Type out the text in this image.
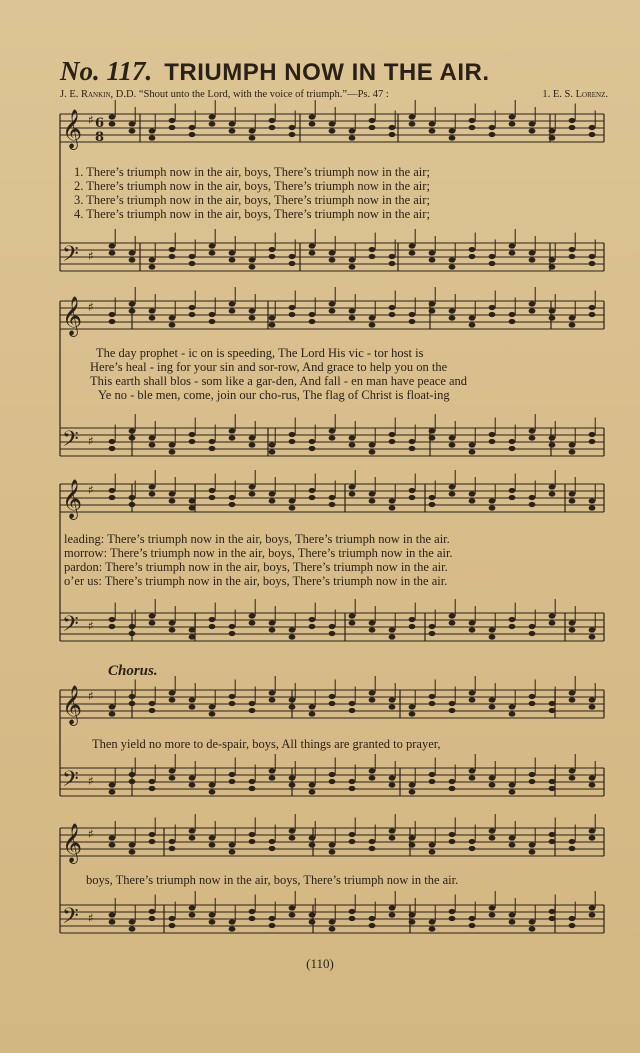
No. 117. TRIUMPH NOW IN THE AIR.
J. E. Rankin, D.D. “Shout unto the Lord, with the voice of triumph.”—Ps. 47 :	1. E. S. Lorenz.
𝄞 ♯
𝄢 ♯
6
8
𝄞 ♯
𝄢 ♯
𝄞 ♯
𝄢 ♯
𝄞 ♯
𝄢 ♯
𝄞 ♯
𝄢 ♯
1. There’s triumph now in the air, boys, There’s triumph now in the air;
2. There’s triumph now in the air, boys, There’s triumph now in the air;
3. There’s triumph now in the air, boys, There’s triumph now in the air;
4. There’s triumph now in the air, boys, There’s triumph now in the air;
The day prophet - ic on is speeding, The Lord His vic - tor host is
Here’s heal - ing for your sin and sor-row, And grace to help you on the
This earth shall blos - som like a gar-den, And fall - en man have peace and
Ye no - ble men, come, join our cho-rus, The flag of Christ is float-ing
leading: There’s triumph now in the air, boys, There’s triumph now in the air.
morrow: There’s triumph now in the air, boys, There’s triumph now in the air.
pardon: There’s triumph now in the air, boys, There’s triumph now in the air.
o’er us: There’s triumph now in the air, boys, There’s triumph now in the air.
Chorus.
Then yield no more to de-spair, boys, All things are granted to prayer,
boys, There’s triumph now in the air, boys, There’s triumph now in the air.
(110)
